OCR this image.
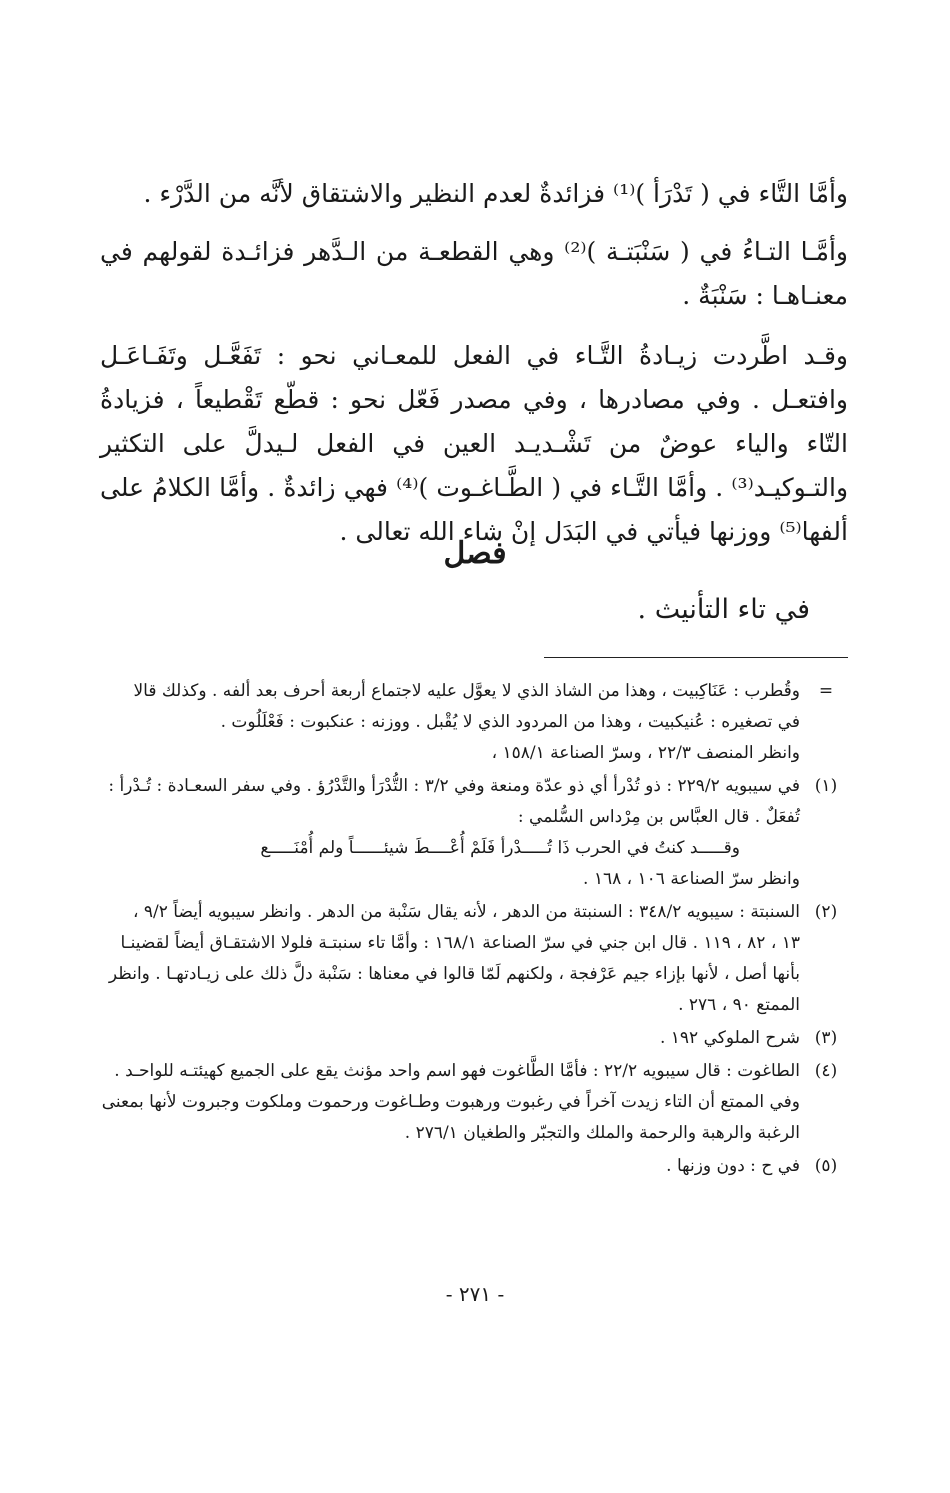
وأمَّا التَّاء في ( تَدْرَأ )⁽¹⁾ فزائدةٌ لعدم النظير والاشتقاق لأنَّه من الدَّرْء .

وأمَّـا التـاءُ في ( سَنْبَتـة )⁽²⁾ وهي القطعـة من الـدَّهر فزائـدة لقولهم في معنـاهـا : سَنْبَةٌ .

وقـد اطَّردت زيـادةُ التَّـاء في الفعل للمعـاني نحو : تَفَعَّـل وتَفَـاعَـل وافتعـل . وفي مصادرها ، وفي مصدر فَعّل نحو : قطّع تَقْطيعاً ، فزيادةُ التّاء والياء عوضٌ من تَشْـديـد العين في الفعل لـيدلَّ على التكثير والتـوكيـد⁽³⁾ . وأمَّا التَّـاء في ( الطَّـاغـوت )⁽⁴⁾ فهي زائدةٌ . وأمَّا الكلامُ على ألفها⁽⁵⁾ ووزنها فيأتي في البَدَل إنْ شاء الله تعالى .

فصل
في تاء التأنيث .
=
وقُطرب : عَنَاكِبيت ، وهذا من الشاذ الذي لا يعوَّل عليه لاجتماع أربعة أحرف بعد ألفه . وكذلك قالا
في تصغيره : عُنيكبيت ، وهذا من المردود الذي لا يُقْبل . ووزنه : عنكبوت : فَعْلَلُوت .
وانظر المنصف ٢٢/٣ ، وسرّ الصناعة ١٥٨/١ ،
(١)
في سيبويه ٢٢٩/٢ : ذو تُدْرأ أي ذو عدّة ومنعة وفي ٣/٢ : التُّدْرَأ والتَّدْرُؤ . وفي سفر السعـادة : تُـدْرأ :
تُفعَلٌ . قال العبَّاس بن مِرْداس السُّلمي :
وقـــــد كنتُ في الحرب ذَا تُـــــدْرأ فَلَمْ أُعْــــطَ شيئــــــاً ولم أُمْنَـــــع
وانظر سرّ الصناعة ١٠٦ ، ١٦٨ .
(٢)
السنبتة : سيبويه ٣٤٨/٢ : السنبتة من الدهر ، لأنه يقال سَنْبة من الدهر . وانظر سيبويه أيضاً ٩/٢ ،
١٣ ، ٨٢ ، ١١٩ . قال ابن جني في سرّ الصناعة ١٦٨/١ : وأمَّا تاء سنبتـة فلولا الاشتقـاق أيضاً لقضينـا
بأنها أصل ، لأنها بإزاء جيم عَرْفجة ، ولكنهم لَمّا قالوا في معناها : سَنْبة دلَّ ذلك على زيـادتهـا . وانظر
الممتع ٩٠ ، ٢٧٦ .
(٣)
شرح الملوكي ١٩٢ .
(٤)
الطاغوت : قال سيبويه ٢٢/٢ : فأمَّا الطَّاغوت فهو اسم واحد مؤنث يقع على الجميع كهيئتـه للواحـد .
وفي الممتع أن التاء زيدت آخراً في رغبوت ورهبوت وطـاغوت ورحموت وملكوت وجبروت لأنها بمعنى
الرغبة والرهبة والرحمة والملك والتجبّر والطغيان ٢٧٦/١ .
(٥)
في ح : دون وزنها .
- ٢٧١ -
